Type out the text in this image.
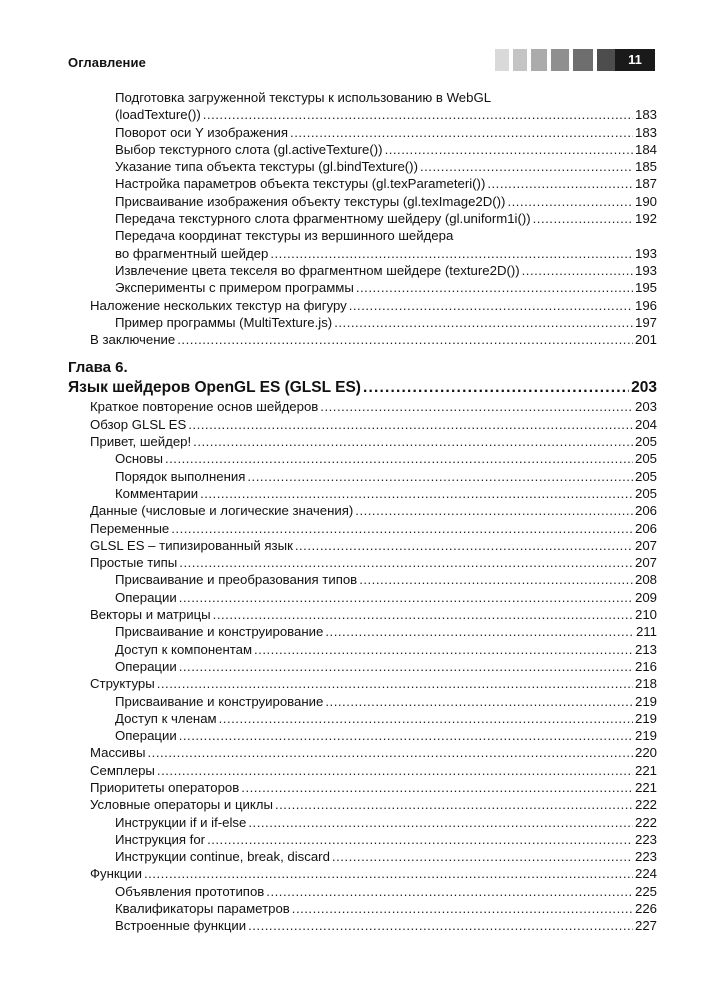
Оглавление	11
Подготовка загруженной текстуры к использованию в WebGL
(loadTexture()) .....	183
Поворот оси Y изображения .....	183
Выбор текстурного слота (gl.activeTexture()) .....	184
Указание типа объекта текстуры (gl.bindTexture()) .....	185
Настройка параметров объекта текстуры (gl.texParameteri()) .....	187
Присваивание изображения объекту текстуры (gl.texImage2D()) .....	190
Передача текстурного слота фрагментному шейдеру (gl.uniform1i()) .....	192
Передача координат текстуры из вершинного шейдера
во фрагментный шейдер .....	193
Извлечение цвета текселя во фрагментном шейдере (texture2D()) .....	193
Эксперименты с примером программы .....	195
Наложение нескольких текстур на фигуру .....	196
Пример программы (MultiTexture.js) .....	197
В заключение .....	201
Глава 6.
Язык шейдеров OpenGL ES (GLSL ES) .....	203
Краткое повторение основ шейдеров .....	203
Обзор GLSL ES .....	204
Привет, шейдер! .....	205
Основы .....	205
Порядок выполнения .....	205
Комментарии .....	205
Данные (числовые и логические значения) .....	206
Переменные .....	206
GLSL ES – типизированный язык .....	207
Простые типы .....	207
Присваивание и преобразования типов .....	208
Операции .....	209
Векторы и матрицы .....	210
Присваивание и конструирование .....	211
Доступ к компонентам .....	213
Операции .....	216
Структуры .....	218
Присваивание и конструирование .....	219
Доступ к членам .....	219
Операции .....	219
Массивы .....	220
Семплеры .....	221
Приоритеты операторов .....	221
Условные операторы и циклы .....	222
Инструкции if и if-else .....	222
Инструкция for .....	223
Инструкции continue, break, discard .....	223
Функции .....	224
Объявления прототипов .....	225
Квалификаторы параметров .....	226
Встроенные функции .....	227
